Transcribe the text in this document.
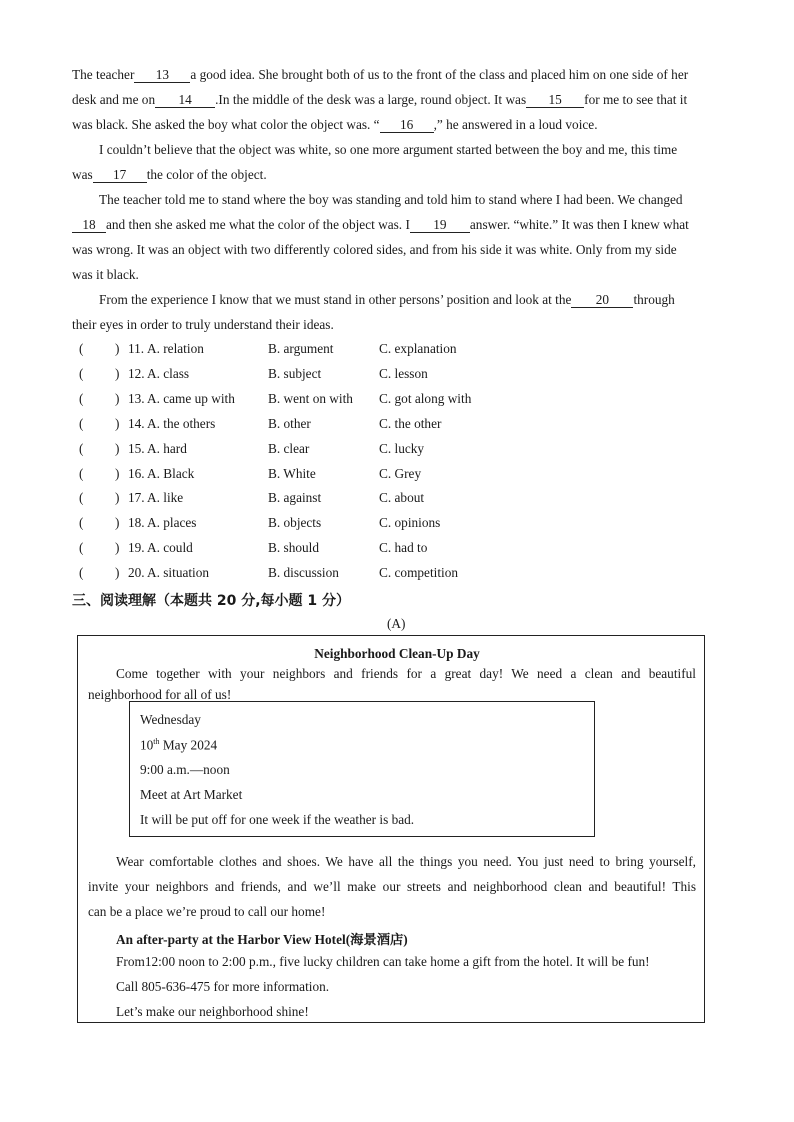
The teacher 13 a good idea. She brought both of us to the front of the class and placed him on one side of her
desk and me on 14 .In the middle of the desk was a large, round object. It was 15 for me to see that it
was black. She asked the boy what color the object was. “ 16 ,” he answered in a loud voice.
I couldn’t believe that the object was white, so one more argument started between the boy and me, this time
was 17 the color of the object.
The teacher told me to stand where the boy was standing and told him to stand where I had been. We changed
18 and then she asked me what the color of the object was. I 19 answer. “white.” It was then I knew what
was wrong. It was an object with two differently colored sides, and from his side it was white. Only from my side
was it black.
From the experience I know that we must stand in other persons’ position and look at the 20 through
their eyes in order to truly understand their ideas.
( ) 11. A. relation	B. argument	C. explanation
( ) 12. A. class	B. subject	C. lesson
( ) 13. A. came up with B. went on with C. got along with
( ) 14. A. the others	B. other	C. the other
( ) 15. A. hard	B. clear	C. lucky
( ) 16. A. Black	B. White	C. Grey
( ) 17. A. like	B. against	C. about
( ) 18. A. places	B. objects	C. opinions
( ) 19. A. could	B. should	C. had to
( ) 20. A. situation	B. discussion	C. competition
三、阅读理解（本题共 20 分,每小题 1 分）
(A)
Neighborhood Clean-Up Day
Come together with your neighbors and friends for a great day! We need a clean and beautiful
neighborhood for all of us!
Wednesday
10th May 2024
9:00 a.m.—noon
Meet at Art Market
It will be put off for one week if the weather is bad.
Wear comfortable clothes and shoes. We have all the things you need. You just need to bring yourself,
invite your neighbors and friends, and we’ll make our streets and neighborhood clean and beautiful! This
can be a place we’re proud to call our home!
An after-party at the Harbor View Hotel(海景酒店)
From12:00 noon to 2:00 p.m., five lucky children can take home a gift from the hotel. It will be fun!
Call 805-636-475 for more information.
Let’s make our neighborhood shine!
